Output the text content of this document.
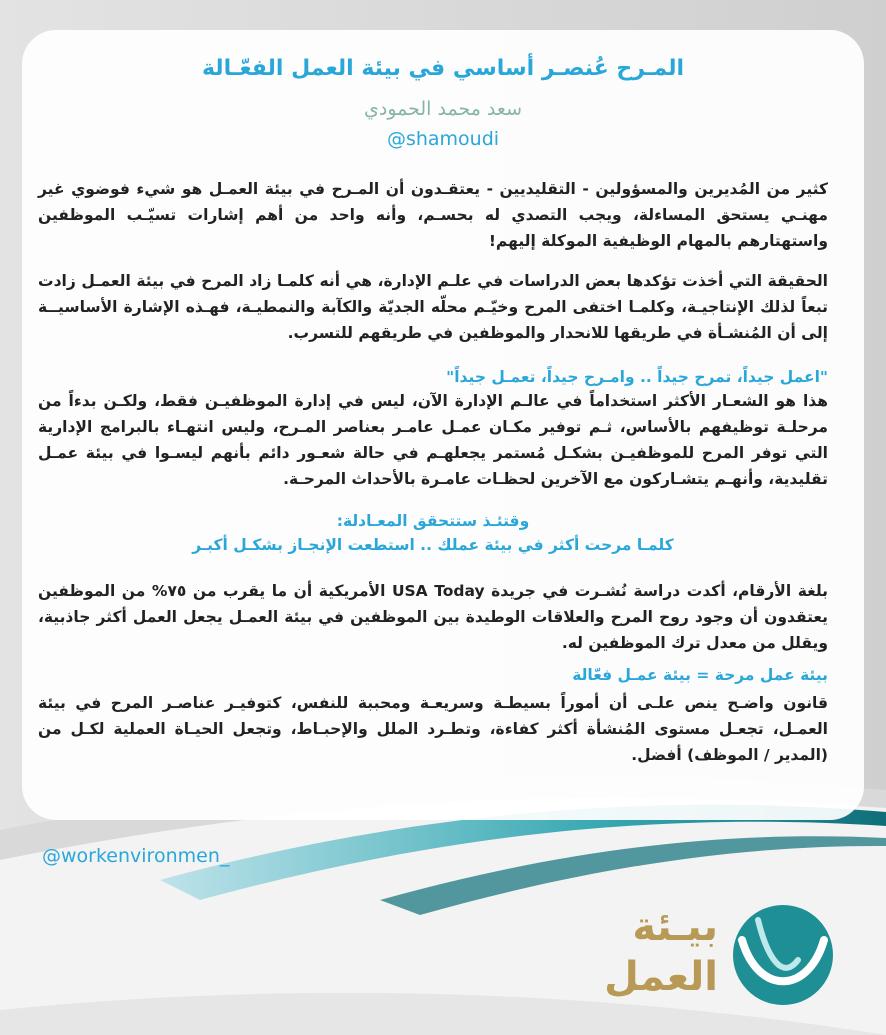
المـرح عُنصـر أساسي في بيئة العمل الفعّـالة
سعد محمد الحمودي
@shamoudi
كثير من المُديرين والمسؤولين - التقليديين - يعتقـدون أن المـرح في بيئة العمـل هو شيء فوضوي غير مهنـي يستحق المساءلة، ويجب التصدي له بحسـم، وأنه واحد من أهم إشارات تسيّـب الموظفين واستهتارهم بالمهام الوظيفية الموكلة إليهم!
الحقيقة التي أخذت تؤكدها بعض الدراسات في علـم الإدارة، هي أنه كلمـا زاد المرح في بيئة العمـل زادت تبعاً لذلك الإنتاجيـة، وكلمـا اختفى المرح وخيّـم محلّه الجديّة والكآبة والنمطيـة، فهـذه الإشارة الأساسيــة إلى أن المُنشـأة في طريقها للانحدار والموظفين في طريقهم للتسرب.
"اعمل جيداً، تمرح جيداً .. وامـرح جيداً، تعمـل جيداً"
هذا هو الشعـار الأكثر استخداماً في عالـم الإدارة الآن، ليس في إدارة الموظفيـن فقط، ولكـن بدءاً من مرحلـة توظيفهم بالأساس، ثـم توفير مكـان عمـل عامـر بعناصر المـرح، وليس انتهـاء بالبرامج الإدارية التي توفر المرح للموظفيـن بشكـل مُستمر يجعلهـم في حالة شعـور دائم بأنهم ليسـوا في بيئة عمـل تقليدية، وأنهـم يتشـاركون مع الآخرين لحظـات عامـرة بالأحداث المرحـة.
وقتئـذ ستتحقق المعـادلة:
كلمـا مرحت أكثر في بيئة عملك .. استطعت الإنجـاز بشكـل أكبـر
بلغة الأرقام، أكدت دراسة نُشـرت في جريدة USA Today الأمريكية أن ما يقرب من ٧٥% من الموظفين يعتقدون أن وجود روح المرح والعلاقات الوطيدة بين الموظفين في بيئة العمـل يجعل العمل أكثر جاذبية، ويقلل من معدل ترك الموظفين له.
بيئة عمل مرحة = بيئة عمـل فعّالة
قانون واضـح ينص علـى أن أموراً بسيطـة وسريعـة ومحببة للنفس، كتوفيـر عناصـر المرح في بيئة العمـل، تجعـل مستوى المُنشأة أكثر كفاءة، وتطـرد الملل والإحبـاط، وتجعل الحيـاة العملية لكـل من (المدير / الموظف) أفضل.
@workenvironmen_
بيـئة
العمل
